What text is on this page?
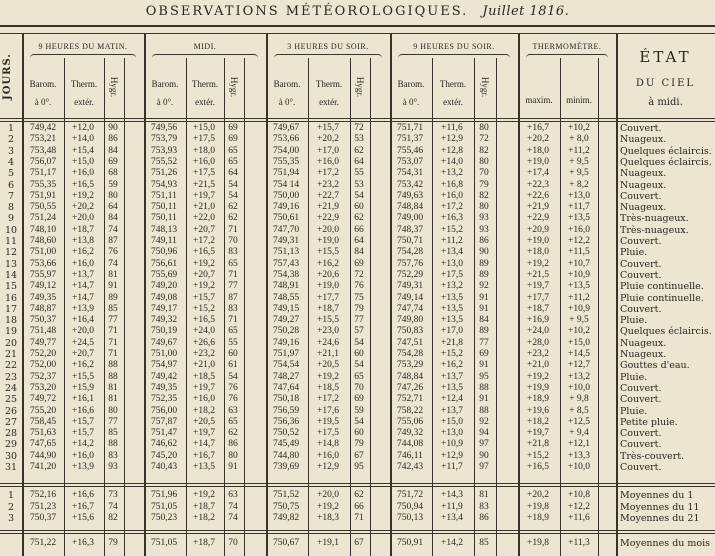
OBSERVATIONS MÉTÉOROLOGIQUES. Juillet 1816.
JOURS.
9 HEURES DU MATIN.	MIDI.	3 HEURES DU SOIR.	9 HEURES DU SOIR.	THERMOMÈTRE.
Barom.
à 0°.
Therm.
extér.
Hygr.	Barom.
à 0°.
Therm.
extér.
Hygr.	Barom.
à 0°.
Therm.
extér.
Hygr.	Barom.
à 0°.
Therm.
extér.
Hygr.
maxim.	minim.
ÉTAT
DU CIEL
à midi.
1	749,42	+12,0	90	749,56	+15,0	69	749,67	+15,7	72	751,71	+11,6	80	+16,7	+10,2	Couvert.
2	753,21	+14,0	86	753,79	+17,5	69	753,66	+20,2	53	751,37	+12,9	72	+20,2	+ 8,0	Nuageux.
3	753,48	+15,4	84	753,93	+18,0	65	754,00	+17,0	62	755,46	+12,8	82	+18,0	+11,2	Quelques éclaircis.
4	756,07	+15,0	69	755,52	+16,0	65	755,35	+16,0	64	753,07	+14,0	80	+19,0	+ 9,5	Quelques éclaircis.
5	751,17	+16,0	68	751,26	+17,5	64	751,94	+17,2	55	754,31	+13,2	70	+17,4	+ 9,5	Nuageux.
6	755,35	+16,5	59	754,93	+21,5	54	754 14	+23,2	53	753,42	+16,8	79	+22,3	+ 8,2	Nuageux.
7	751,91	+19,2	80	751,11	+19,7	54	750,00	+22,7	54	749,63	+16,0	82	+22,6	+13,0	Couvert.
8	750,55	+20,2	64	750,11	+21,0	62	749,16	+21,9	60	748,84	+17,2	80	+21,9	+11,7	Nuageux.
9	751,24	+20,0	84	750,11	+22,0	62	750,61	+22,9	62	749,00	+16,3	93	+22,9	+13,5	Très-nuageux.
10	748,10	+18,7	74	748,13	+20,7	71	747,70	+20,0	66	748,37	+15,2	93	+20,9	+16,0	Très-nuageux.
11	748,60	+13,8	87	749,11	+17,2	70	749,31	+19,0	64	750,71	+11,2	86	+19,0	+12,2	Couvert.
12	751,00	+16,2	76	750,96	+16,5	83	751,13	+15,5	84	754,28	+13,4	90	+18,0	+11,5	Pluie.
13	753,66	+16,0	74	756,61	+19,2	65	757,43	+16,2	69	757,76	+13,0	89	+19,2	+10,7	Couvert.
14	755,97	+13,7	81	755,69	+20,7	71	754,38	+20,6	72	752,29	+17,5	89	+21,5	+10,9	Couvert.
15	749,12	+14,7	91	749,20	+19,2	77	748,91	+19,0	76	749,31	+13,2	92	+19,7	+13,5	Pluie continuelle.
16	749,35	+14,7	89	749,08	+15,7	87	748,55	+17,7	75	749,14	+13,5	91	+17,7	+11,2	Pluie continuelle.
17	748,87	+13,9	85	749,17	+15,2	83	749,15	+18,7	79	747,74	+13,5	91	+18,7	+10,9	Couvert.
18	750,37	+16,4	77	749,32	+16,5	71	749,27	+15,5	77	749,80	+13,5	84	+16,9	+ 9,5	Pluie.
19	751,48	+20,0	71	750,19	+24,0	65	750,28	+23,0	57	750,83	+17,0	89	+24,0	+10,2	Quelques éclaircis.
20	749,77	+24,5	71	749,67	+26,6	55	749,16	+24,6	54	747,51	+21,8	77	+28,0	+15,0	Nuageux.
21	752,20	+20,7	71	751,00	+23,2	60	751,97	+21,1	60	754,28	+15,2	69	+23,2	+14,5	Nuageux.
22	752,00	+16,2	88	754,97	+21,0	61	754,54	+20,5	54	753,29	+16,2	91	+21,0	+12,7	Gouttes d'eau.
23	752,37	+15,5	88	749,42	+18,5	54	748,27	+19,2	65	748,84	+13,7	95	+19,2	+13,2	Pluie.
24	753,20	+15,9	81	749,35	+19,7	76	747,64	+18,5	70	747,26	+13,5	88	+19,9	+10,0	Couvert.
25	749,72	+16,1	81	752,35	+16,0	76	750,18	+17,2	69	752,71	+12,4	91	+18,9	+ 9,8	Couvert.
26	755,20	+16,6	80	756,00	+18,2	63	756,59	+17,6	59	758,22	+13,7	88	+19,6	+ 8,5	Pluie.
27	758,45	+15,7	77	757,87	+20,5	65	756,36	+19,5	54	755,06	+15,0	92	+18,2	+12,5	Petite pluie.
28	751,63	+15,7	85	751,47	+19,7	62	750,52	+17,5	60	749,32	+13,0	94	+19,7	+ 9,4	Couvert.
29	747,65	+14,2	88	746,62	+14,7	86	745,49	+14,8	79	744,08	+10,9	97	+21,8	+12,1	Couvert.
30	744,90	+16,0	83	745,20	+16,7	80	744,80	+16,0	67	746,11	+12,9	90	+15,2	+13,3	Très-couvert.
31	741,20	+13,9	93	740,43	+13,5	91	739,69	+12,9	95	742,43	+11,7	97	+16,5	+10,0	Couvert.
1	752,16	+16,6	73	751,96	+19,2	63	751,52	+20,0	62	751,72	+14,3	81	+20,2	+10,8	Moyennes du 1
2	751,23	+16,7	74	751,05	+18,7	74	750,75	+19,2	66	750,94	+11,9	83	+19,8	+12,2	Moyennes du 11
3	750,37	+15,6	82	750,23	+18,2	74	749,82	+18,3	71	750,13	+13,4	86	+18,9	+11,6	Moyennes du 21
751,22	+16,3	79	751,05	+18,7	70	750,67	+19,1	67	750,91	+14,2	85	+19,8	+11,3	Moyennes du mois
